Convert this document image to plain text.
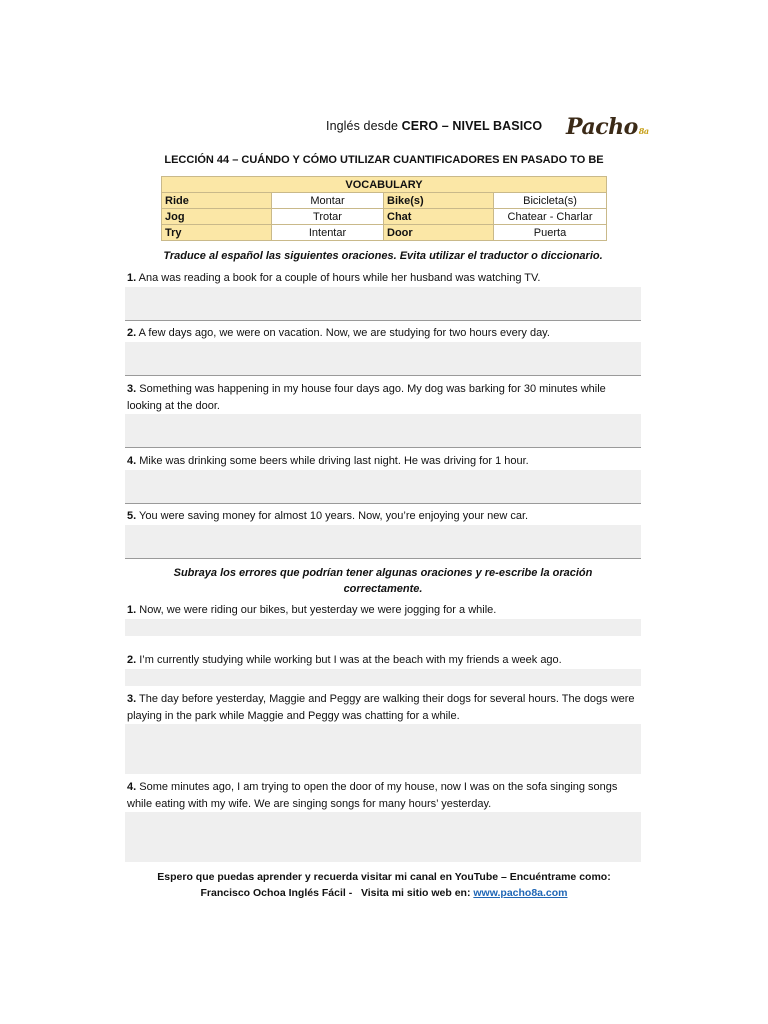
Inglés desde CERO – NIVEL BASICO Pacho8a
LECCIÓN 44 – CUÁNDO Y CÓMO UTILIZAR CUANTIFICADORES EN PASADO TO BE
VOCABULARY			
Ride	Montar	Bike(s)	Bicicleta(s)
Jog	Trotar	Chat	Chatear - Charlar
Try	Intentar	Door	Puerta
Traduce al español las siguientes oraciones. Evita utilizar el traductor o diccionario.
1. Ana was reading a book for a couple of hours while her husband was watching TV.
2. A few days ago, we were on vacation. Now, we are studying for two hours every day.
3. Something was happening in my house four days ago. My dog was barking for 30 minutes while looking at the door.
4. Mike was drinking some beers while driving last night. He was driving for 1 hour.
5. You were saving money for almost 10 years. Now, you’re enjoying your new car.
Subraya los errores que podrían tener algunas oraciones y re-escribe la oración correctamente.
1. Now, we were riding our bikes, but yesterday we were jogging for a while.
2. I’m currently studying while working but I was at the beach with my friends a week ago.
3. The day before yesterday, Maggie and Peggy are walking their dogs for several hours. The dogs were playing in the park while Maggie and Peggy was chatting for a while.
4. Some minutes ago, I am trying to open the door of my house, now I was on the sofa singing songs while eating with my wife. We are singing songs for many hours’ yesterday.
Espero que puedas aprender y recuerda visitar mi canal en YouTube – Encuéntrame como:
Francisco Ochoa Inglés Fácil -   Visita mi sitio web en: www.pacho8a.com
